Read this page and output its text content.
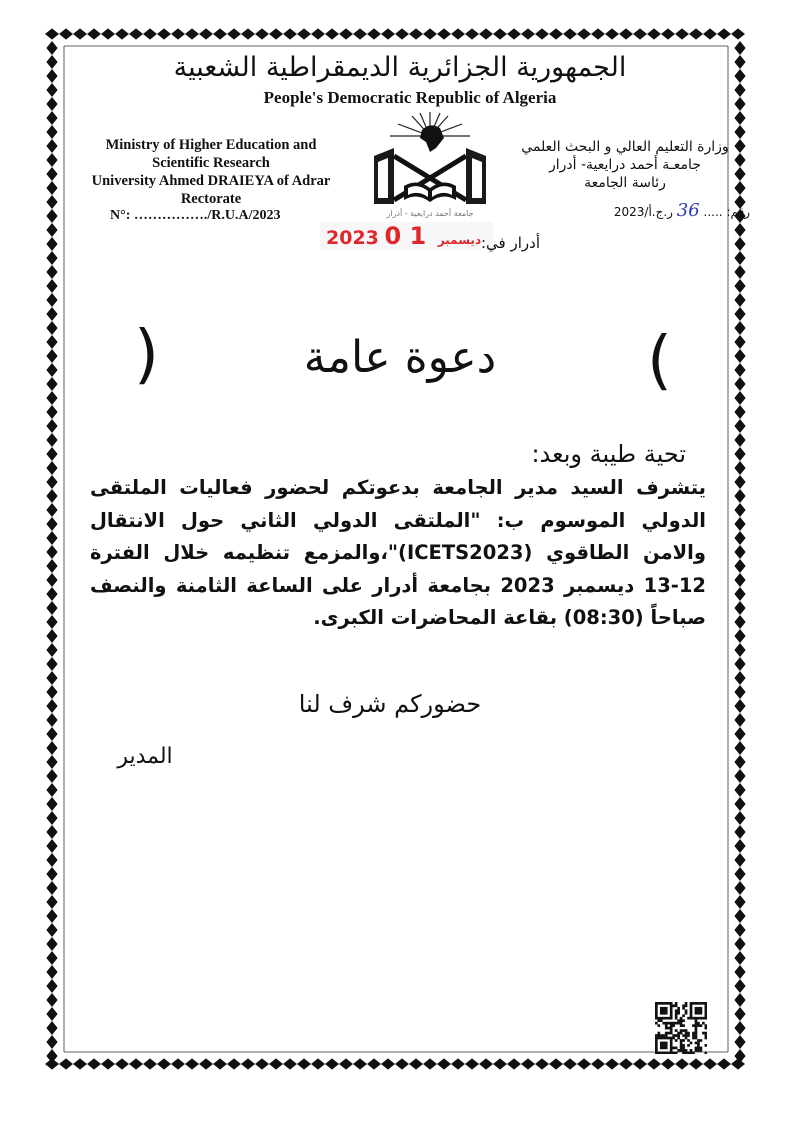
الجمهورية الجزائرية الديمقراطية الشعبية
People's Democratic Republic of Algeria
Ministry of Higher Education and
Scientific Research
University Ahmed DRAIEYA of Adrar
Rectorate
N°: ……………./R.U.A/2023
وزارة التعليم العالي و البحث العلمي
جامعـة أحمد درايعية- أدرار
رئاسة الجامعة
رقم: ..... 36 ر.ج.أ/2023
جامعة أحمد درايعية - أدرار
2023	ديسمبر 1 0	أدرار في:
دعوة عامة	(
)
تحية طيبة وبعد:
يتشرف السيد مدير الجامعة بدعوتكم لحضور فعاليات الملتقى الدولي الموسوم ب: "الملتقى الدولي الثاني حول الانتقال والامن الطاقوي (ICETS2023)"،والمزمع تنظيمه خلال الفترة 12-13 ديسمبر 2023 بجامعة أدرار على الساعة الثامنة والنصف صباحاً (08:30) بقاعة المحاضرات الكبرى.
حضوركم شرف لنا
المدير
